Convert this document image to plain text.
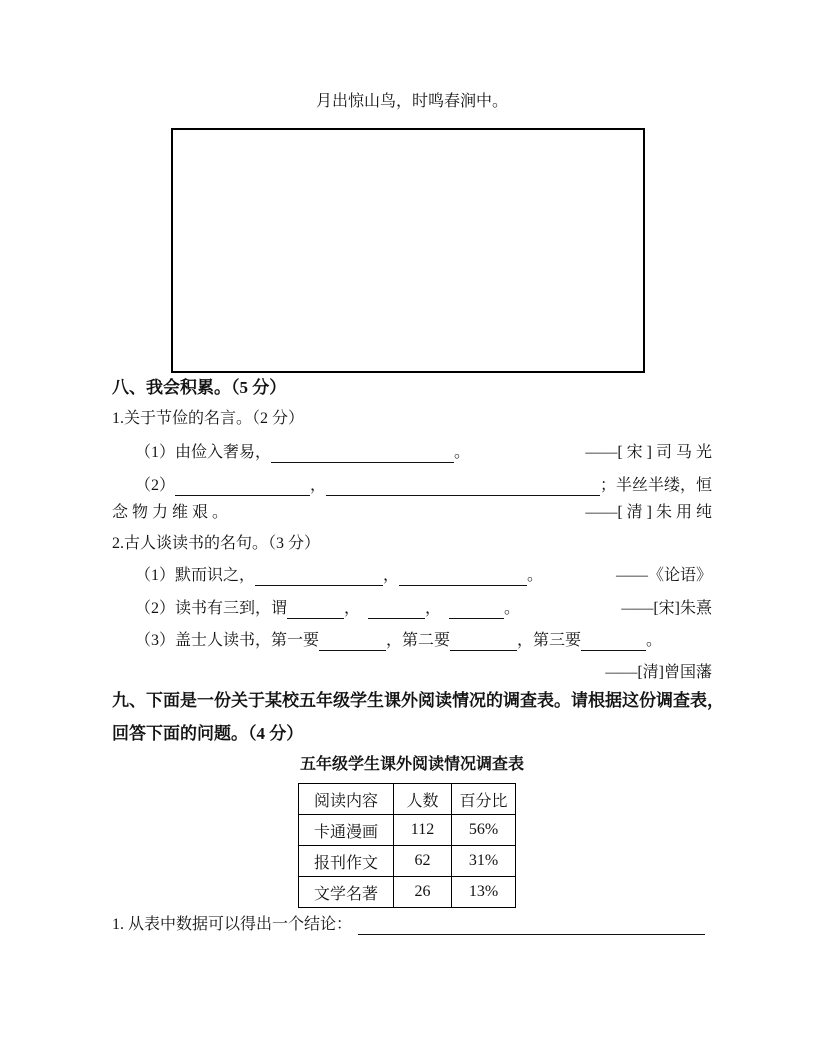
月出惊山鸟，时鸣春涧中。
八、我会积累。（5 分）
1.关于节俭的名言。（2 分）
（1）由俭入奢易，	。	——[ 宋 ] 司 马 光
（2）	，	；半丝半缕，恒
念 物 力 维 艰 。	——[ 清 ] 朱 用 纯
2.古人谈读书的名句。（3 分）
（1）默而识之，	，	。	——《论语》
（2）读书有三到，谓	，	，	。	——[宋]朱熹
（3）盖士人读书，第一要	，第二要	，第三要	。
——[清]曾国藩
九、下面是一份关于某校五年级学生课外阅读情况的调查表。请根据这份调查表，
回答下面的问题。（4 分）
五年级学生课外阅读情况调查表
阅读内容	人数	百分比
卡通漫画	112	56%
报刊作文	62	31%
文学名著	26	13%
1. 从表中数据可以得出一个结论：
